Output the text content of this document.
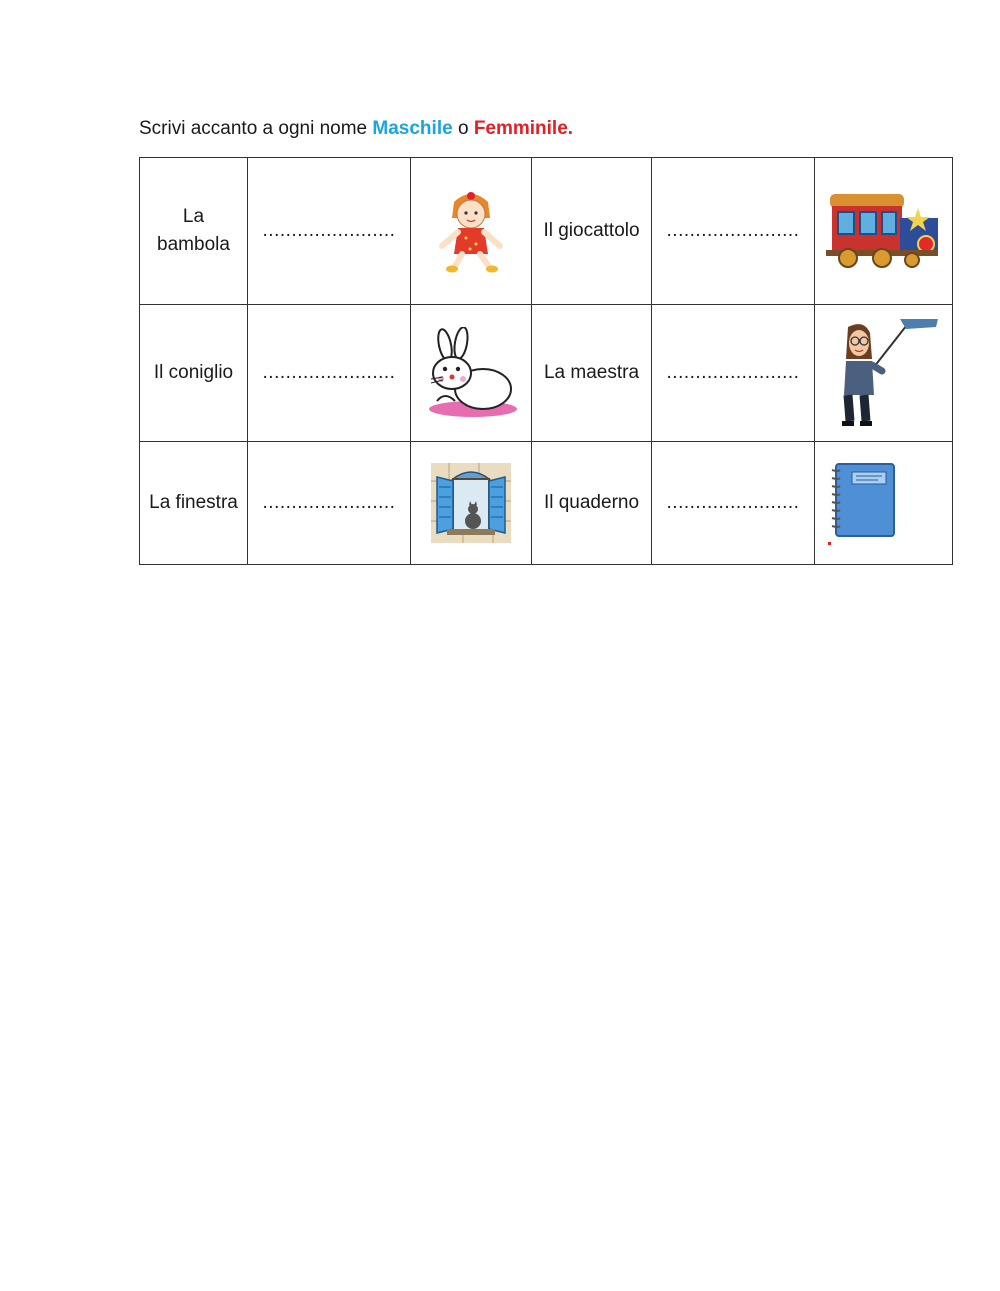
Scrivi accanto a ogni nome Maschile o Femminile.
La bambola	.......................		Il giocattolo	.......................	

Il coniglio	.......................		La maestra	.......................	

La finestra	.......................		Il quaderno	.......................	
